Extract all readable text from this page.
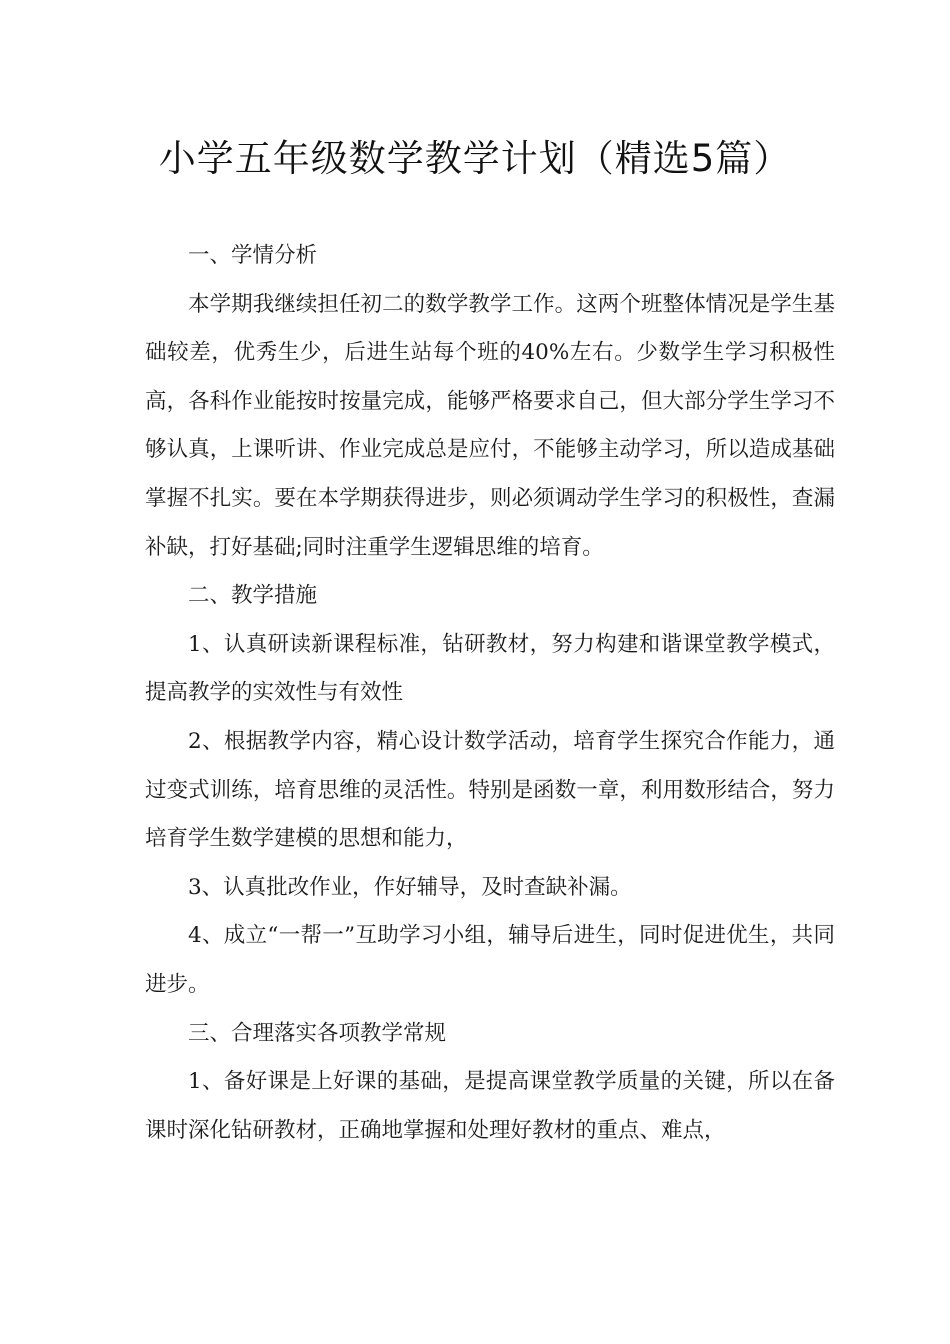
小学五年级数学教学计划（精选5篇）

一、学情分析

本学期我继续担任初二的数学教学工作。这两个班整体情况是学生基础较差，优秀生少，后进生站每个班的40%左右。少数学生学习积极性高，各科作业能按时按量完成，能够严格要求自己，但大部分学生学习不够认真，上课听讲、作业完成总是应付，不能够主动学习，所以造成基础掌握不扎实。要在本学期获得进步，则必须调动学生学习的积极性，查漏补缺，打好基础;同时注重学生逻辑思维的培育。

二、教学措施

1、认真研读新课程标准，钻研教材，努力构建和谐课堂教学模式，提高教学的实效性与有效性

2、根据教学内容，精心设计数学活动，培育学生探究合作能力，通过变式训练，培育思维的灵活性。特别是函数一章，利用数形结合，努力培育学生数学建模的思想和能力，

3、认真批改作业，作好辅导，及时查缺补漏。

4、成立“一帮一”互助学习小组，辅导后进生，同时促进优生，共同进步。

三、合理落实各项教学常规

1、备好课是上好课的基础，是提高课堂教学质量的关键，所以在备课时深化钻研教材，正确地掌握和处理好教材的重点、难点，
